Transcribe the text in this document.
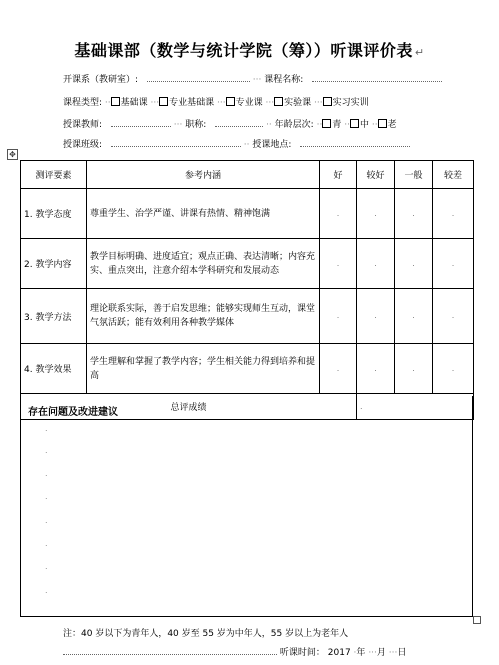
基础课部（数学与统计学院（筹））听课评价表 ↵
开课系（教研室）:	··· 课程名称:
课程类型: ·· 基础课 ··· 专业基础课 ··· 专业课 ··· 实验课 ··· 实习实训
授课教师:	··· 职称:	·· 年龄层次: ·· 青 ·· 中 ·· 老
授课班级:	·· 授课地点:
✥
测评要素	参考内涵	好	较好	一般	较差
1. 教学态度	尊重学生、治学严谨、讲课有热情、精神饱满	.	.	.	.
2. 教学内容	教学目标明确、进度适宜；观点正确、表达清晰；内容充实、重点突出，注意介绍本学科研究和发展动态	.	.	.	.
3. 教学方法	理论联系实际，善于启发思维；能够实现师生互动，课堂气氛活跃；能有效利用各种教学媒体	.	.	.	.
4. 教学效果	学生理解和掌握了教学内容；学生相关能力得到培养和提高	.	.	.	.
总评成绩			.		
存在问题及改进建议
.
.
.
.
.
.
.
.
注：40 岁以下为青年人，40 岁至 55 岁为中年人，55 岁以上为老年人
听课时间： 2017 ·年 ···月 ···日
